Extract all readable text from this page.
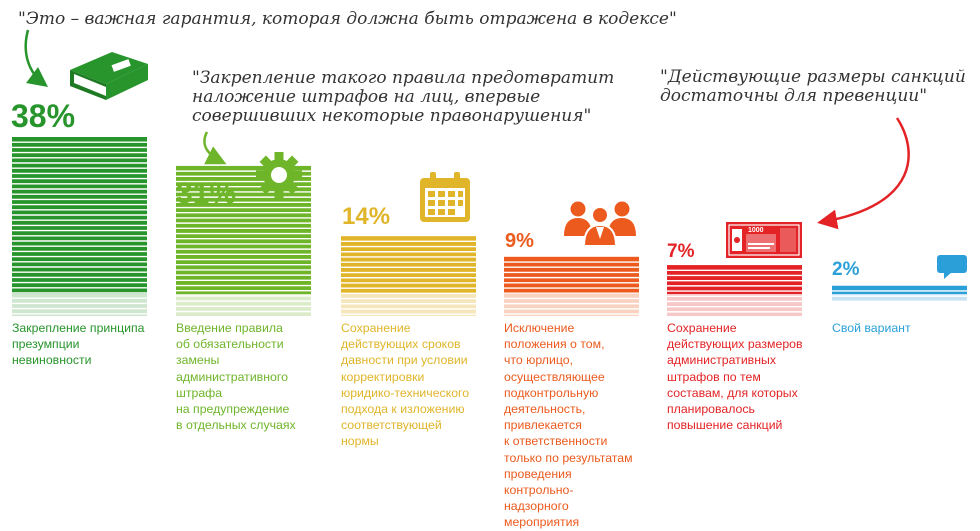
"Это – важная гарантия, которая должна быть отражена в кодексе"
"Закрепление такого правила предотвратит
наложение штрафов на лиц, впервые
совершивших некоторые правонарушения"
"Действующие размеры санкций
достаточны для превенции"
38%
31%
14%
9%	7%
2%
Закрепление принципа
презумпции
невиновности
Введение правила
об обязательности
замены
административного
штрафа
на предупреждение
в отдельных случаях
Сохранение
действующих сроков
давности при условии
корректировки
юридико-технического
подхода к изложению
соответствующей
нормы
Исключение
положения о том,
что юрлицо,
осуществляющее
подконтрольную
деятельность,
привлекается
к ответственности
только по результатам
проведения
контрольно-
надзорного
мероприятия
Сохранение
действующих размеров
административных
штрафов по тем
составам, для которых
планировалось
повышение санкций
Свой вариант
1000
